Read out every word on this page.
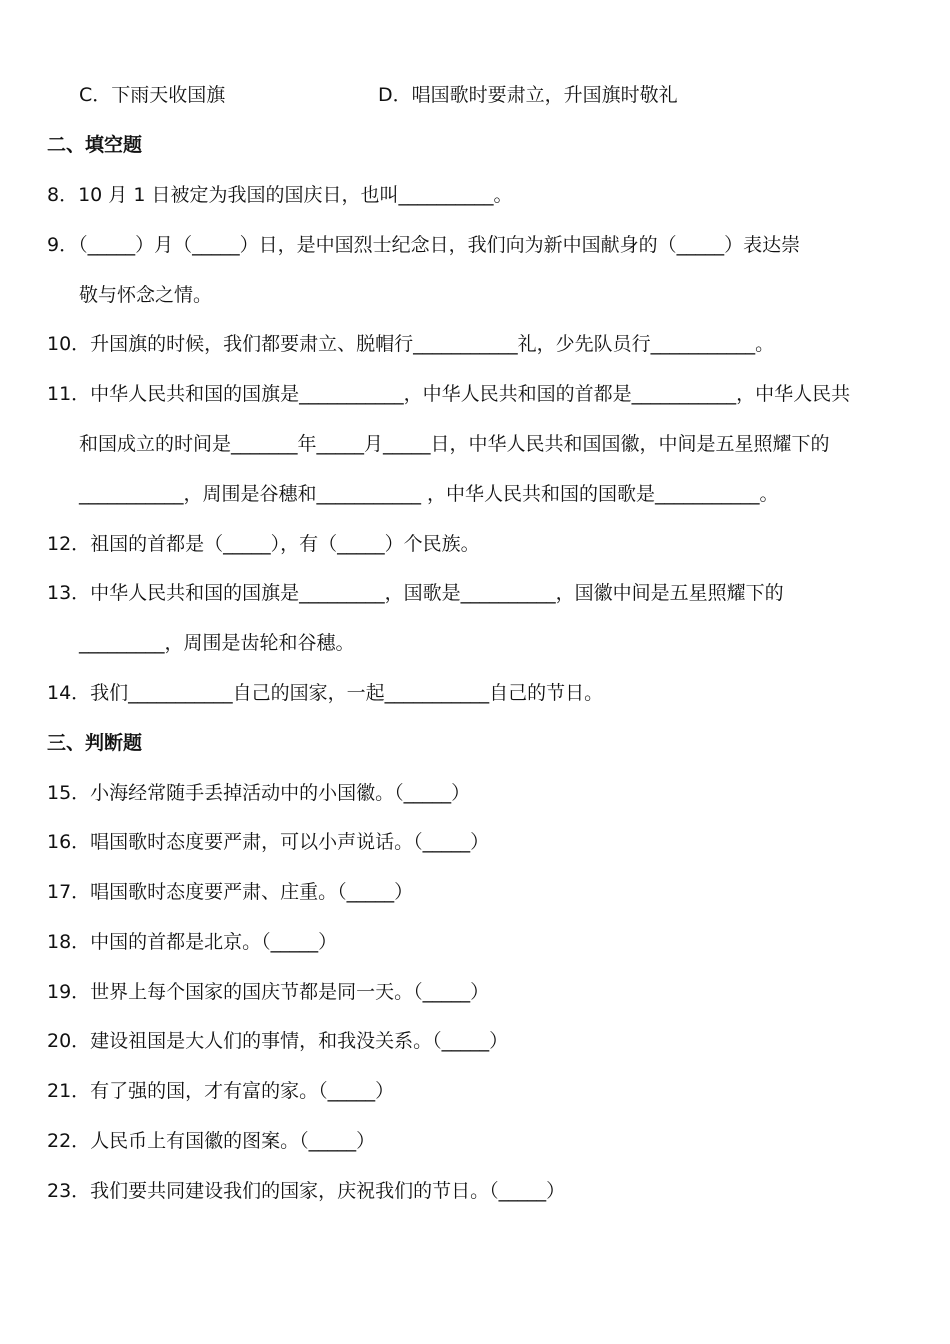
C．下雨天收国旗	D．唱国歌时要肃立，升国旗时敬礼
二、填空题
8．10 月 1 日被定为我国的国庆日，也叫__________。
9．（_____）月（_____）日，是中国烈士纪念日，我们向为新中国献身的（_____）表达崇
敬与怀念之情。
10．升国旗的时候，我们都要肃立、脱帽行___________礼，少先队员行___________。
11．中华人民共和国的国旗是___________，中华人民共和国的首都是___________，中华人民共
和国成立的时间是_______年_____月_____日，中华人民共和国国徽，中间是五星照耀下的
___________，周围是谷穗和___________ ，中华人民共和国的国歌是___________。
12．祖国的首都是（_____），有（_____）个民族。
13．中华人民共和国的国旗是_________，国歌是__________，国徽中间是五星照耀下的
_________，周围是齿轮和谷穗。
14．我们___________自己的国家，一起___________自己的节日。
三、判断题
15．小海经常随手丢掉活动中的小国徽。（_____）
16．唱国歌时态度要严肃，可以小声说话。（_____）
17．唱国歌时态度要严肃、庄重。（_____）
18．中国的首都是北京。（_____）
19．世界上每个国家的国庆节都是同一天。（_____）
20．建设祖国是大人们的事情，和我没关系。（_____）
21．有了强的国，才有富的家。（_____）
22．人民币上有国徽的图案。（_____）
23．我们要共同建设我们的国家，庆祝我们的节日。（_____）
